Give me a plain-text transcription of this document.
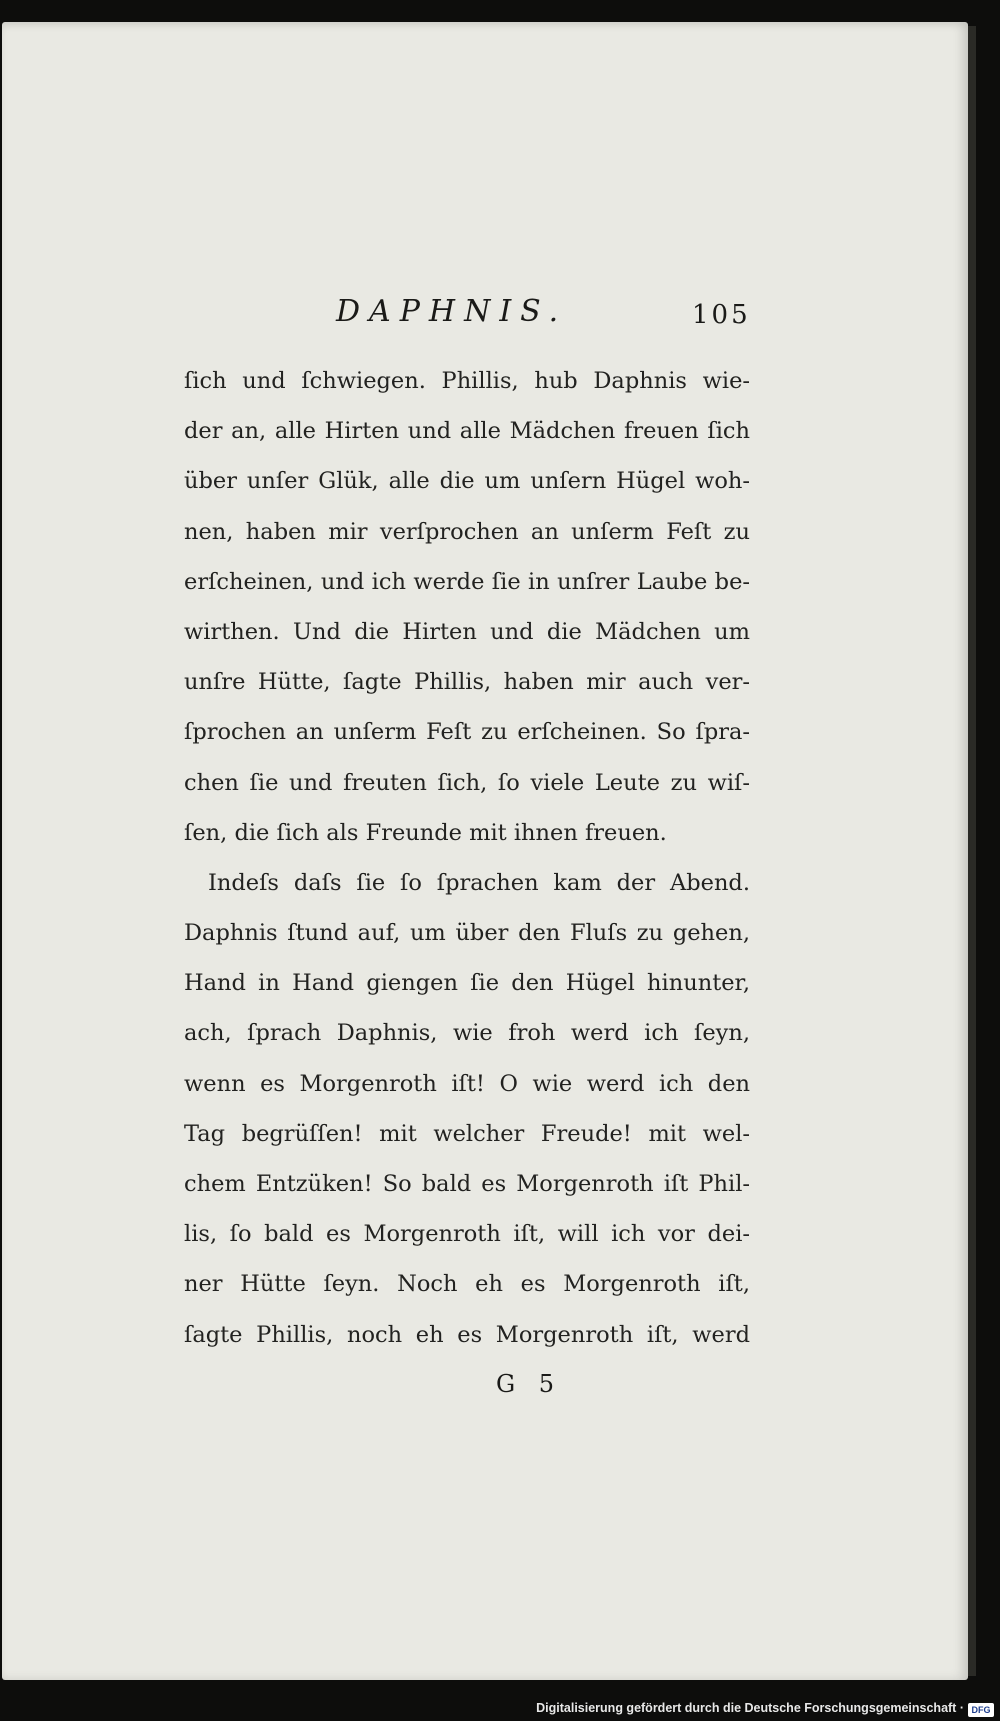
DAPHNIS.	105
ſich und ſchwiegen. Phillis, hub Daphnis wie-
der an, alle Hirten und alle Mädchen freuen ſich
über unſer Glük, alle die um unſern Hügel woh-
nen, haben mir verſprochen an unſerm Feſt zu
erſcheinen, und ich werde ſie in unſrer Laube be-
wirthen. Und die Hirten und die Mädchen um
unſre Hütte, ſagte Phillis, haben mir auch ver-
ſprochen an unſerm Feſt zu erſcheinen. So ſpra-
chen ſie und freuten ſich, ſo viele Leute zu wiſ-
ſen, die ſich als Freunde mit ihnen freuen.
Indeſs daſs ſie ſo ſprachen kam der Abend.
Daphnis ſtund auf, um über den Fluſs zu gehen,
Hand in Hand giengen ſie den Hügel hinunter,
ach, ſprach Daphnis, wie froh werd ich ſeyn,
wenn es Morgenroth iſt! O wie werd ich den
Tag begrüſſen! mit welcher Freude! mit wel-
chem Entzüken! So bald es Morgenroth iſt Phil-
lis, ſo bald es Morgenroth iſt, will ich vor dei-
ner Hütte ſeyn. Noch eh es Morgenroth iſt,
ſagte Phillis, noch eh es Morgenroth iſt, werd
G 5
Digitalisierung gefördert durch die Deutsche Forschungsgemeinschaft · DFG
